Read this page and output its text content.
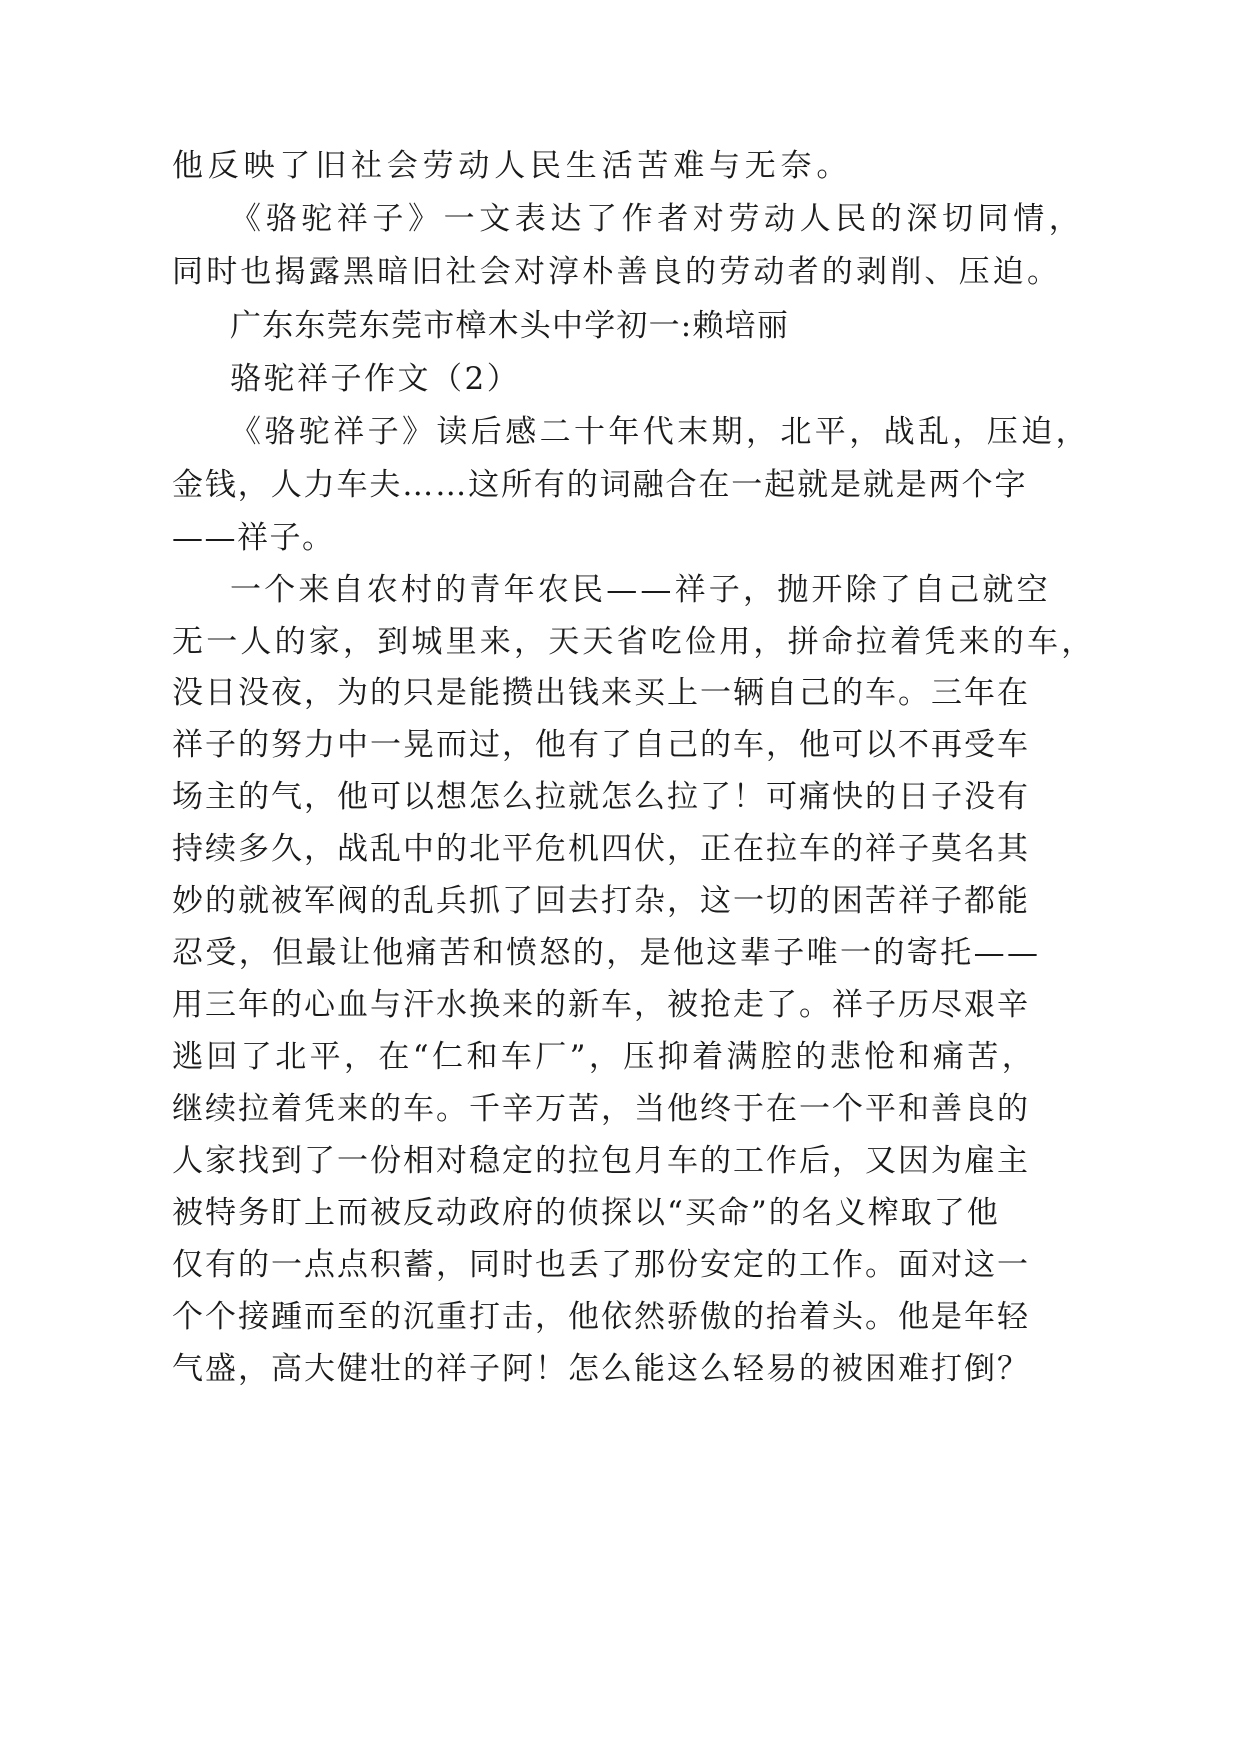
他反映了旧社会劳动人民生活苦难与无奈。
《骆驼祥子》一文表达了作者对劳动人民的深切同情，
同时也揭露黑暗旧社会对淳朴善良的劳动者的剥削、压迫。
广东东莞东莞市樟木头中学初一:赖培丽
骆驼祥子作文（2）
《骆驼祥子》读后感二十年代末期，北平，战乱，压迫，
金钱，人力车夫……这所有的词融合在一起就是就是两个字
——祥子。
一个来自农村的青年农民——祥子，抛开除了自己就空
无一人的家，到城里来，天天省吃俭用，拼命拉着凭来的车，
没日没夜，为的只是能攒出钱来买上一辆自己的车。三年在
祥子的努力中一晃而过，他有了自己的车，他可以不再受车
场主的气，他可以想怎么拉就怎么拉了！可痛快的日子没有
持续多久，战乱中的北平危机四伏，正在拉车的祥子莫名其
妙的就被军阀的乱兵抓了回去打杂，这一切的困苦祥子都能
忍受，但最让他痛苦和愤怒的，是他这辈子唯一的寄托——
用三年的心血与汗水换来的新车，被抢走了。祥子历尽艰辛
逃回了北平，在“仁和车厂”，压抑着满腔的悲怆和痛苦，
继续拉着凭来的车。千辛万苦，当他终于在一个平和善良的
人家找到了一份相对稳定的拉包月车的工作后，又因为雇主
被特务盯上而被反动政府的侦探以“买命”的名义榨取了他
仅有的一点点积蓄，同时也丢了那份安定的工作。面对这一
个个接踵而至的沉重打击，他依然骄傲的抬着头。他是年轻
气盛，高大健壮的祥子阿！怎么能这么轻易的被困难打倒？
